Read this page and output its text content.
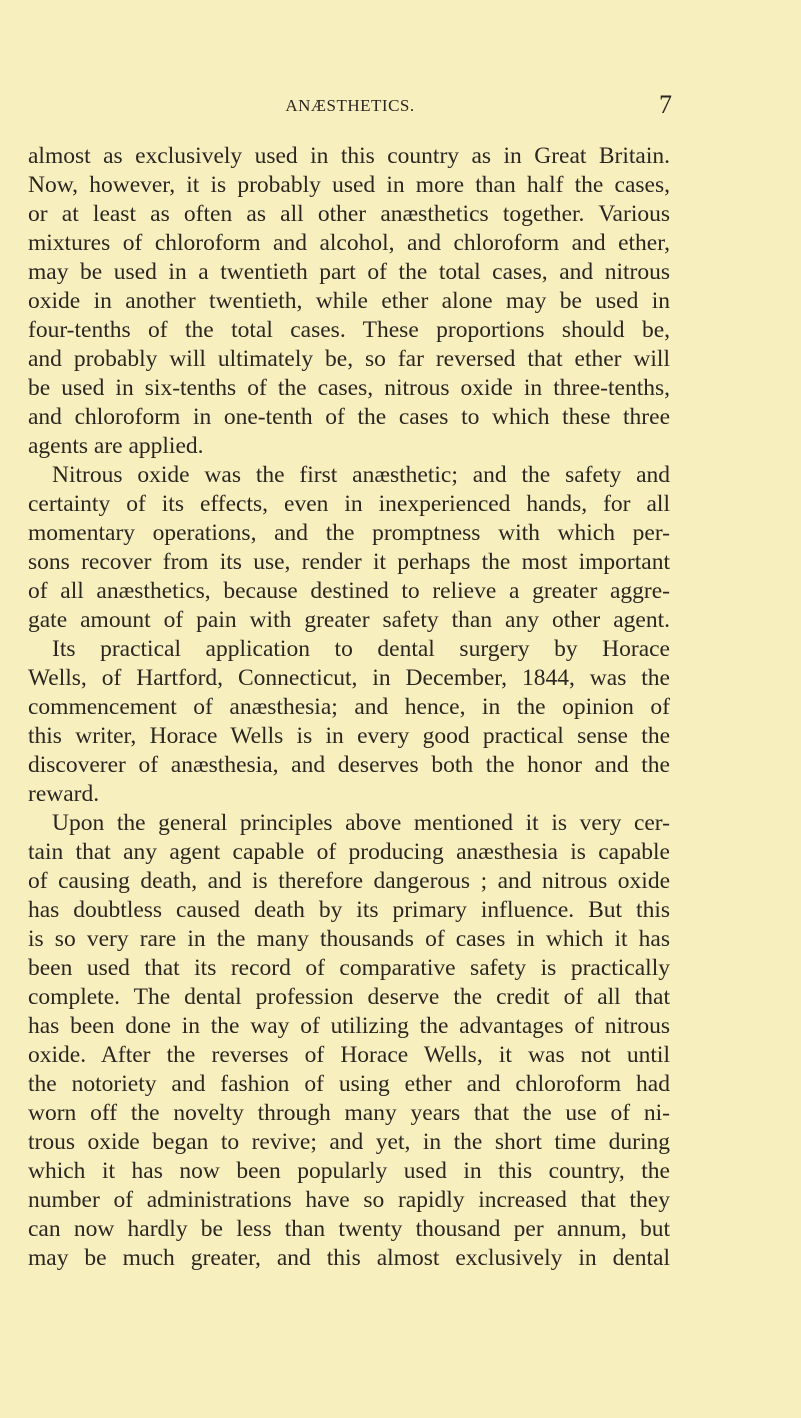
ANÆSTHETICS.	7
almost as exclusively used in this country as in Great Britain.
Now, however, it is probably used in more than half the cases,
or at least as often as all other anæsthetics together. Various
mixtures of chloroform and alcohol, and chloroform and ether,
may be used in a twentieth part of the total cases, and nitrous
oxide in another twentieth, while ether alone may be used in
four-tenths of the total cases. These proportions should be,
and probably will ultimately be, so far reversed that ether will
be used in six-tenths of the cases, nitrous oxide in three-tenths,
and chloroform in one-tenth of the cases to which these three
agents are applied.
Nitrous oxide was the first anæsthetic; and the safety and
certainty of its effects, even in inexperienced hands, for all
momentary operations, and the promptness with which per-
sons recover from its use, render it perhaps the most important
of all anæsthetics, because destined to relieve a greater aggre-
gate amount of pain with greater safety than any other agent.
Its practical application to dental surgery by Horace
Wells, of Hartford, Connecticut, in December, 1844, was the
commencement of anæsthesia; and hence, in the opinion of
this writer, Horace Wells is in every good practical sense the
discoverer of anæsthesia, and deserves both the honor and the
reward.
Upon the general principles above mentioned it is very cer-
tain that any agent capable of producing anæsthesia is capable
of causing death, and is therefore dangerous ; and nitrous oxide
has doubtless caused death by its primary influence. But this
is so very rare in the many thousands of cases in which it has
been used that its record of comparative safety is practically
complete. The dental profession deserve the credit of all that
has been done in the way of utilizing the advantages of nitrous
oxide. After the reverses of Horace Wells, it was not until
the notoriety and fashion of using ether and chloroform had
worn off the novelty through many years that the use of ni-
trous oxide began to revive; and yet, in the short time during
which it has now been popularly used in this country, the
number of administrations have so rapidly increased that they
can now hardly be less than twenty thousand per annum, but
may be much greater, and this almost exclusively in dental
